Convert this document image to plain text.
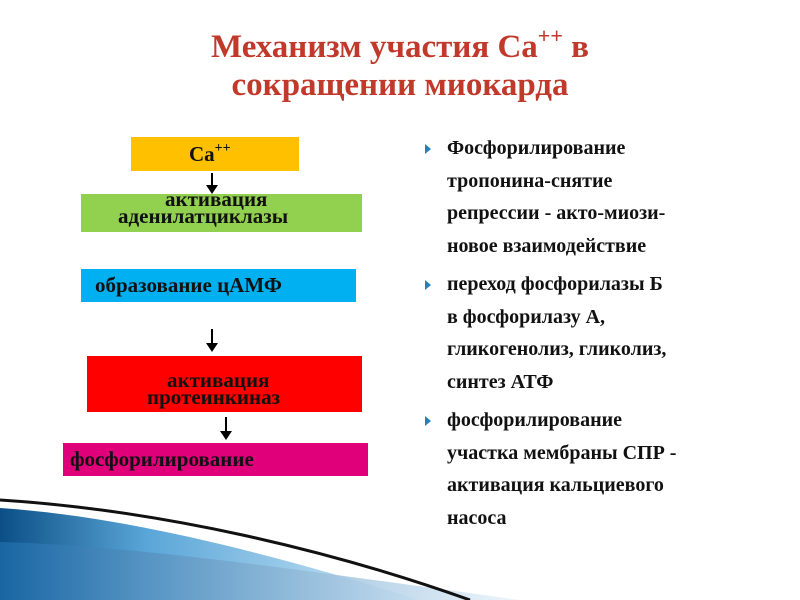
Механизм участия Ca++ в
сокращении миокарда
Ca++
активация
аденилатциклазы
образование цАМФ
активация
протеинкиназ
фосфорилирование
Фосфорилирование
тропонина-снятие
репрессии - акто-миози-
новое взаимодействие
переход фосфорилазы Б
в фосфорилазу А,
гликогенолиз, гликолиз,
синтез АТФ
фосфорилирование
участка мембраны СПР -
активация кальциевого
насоса
